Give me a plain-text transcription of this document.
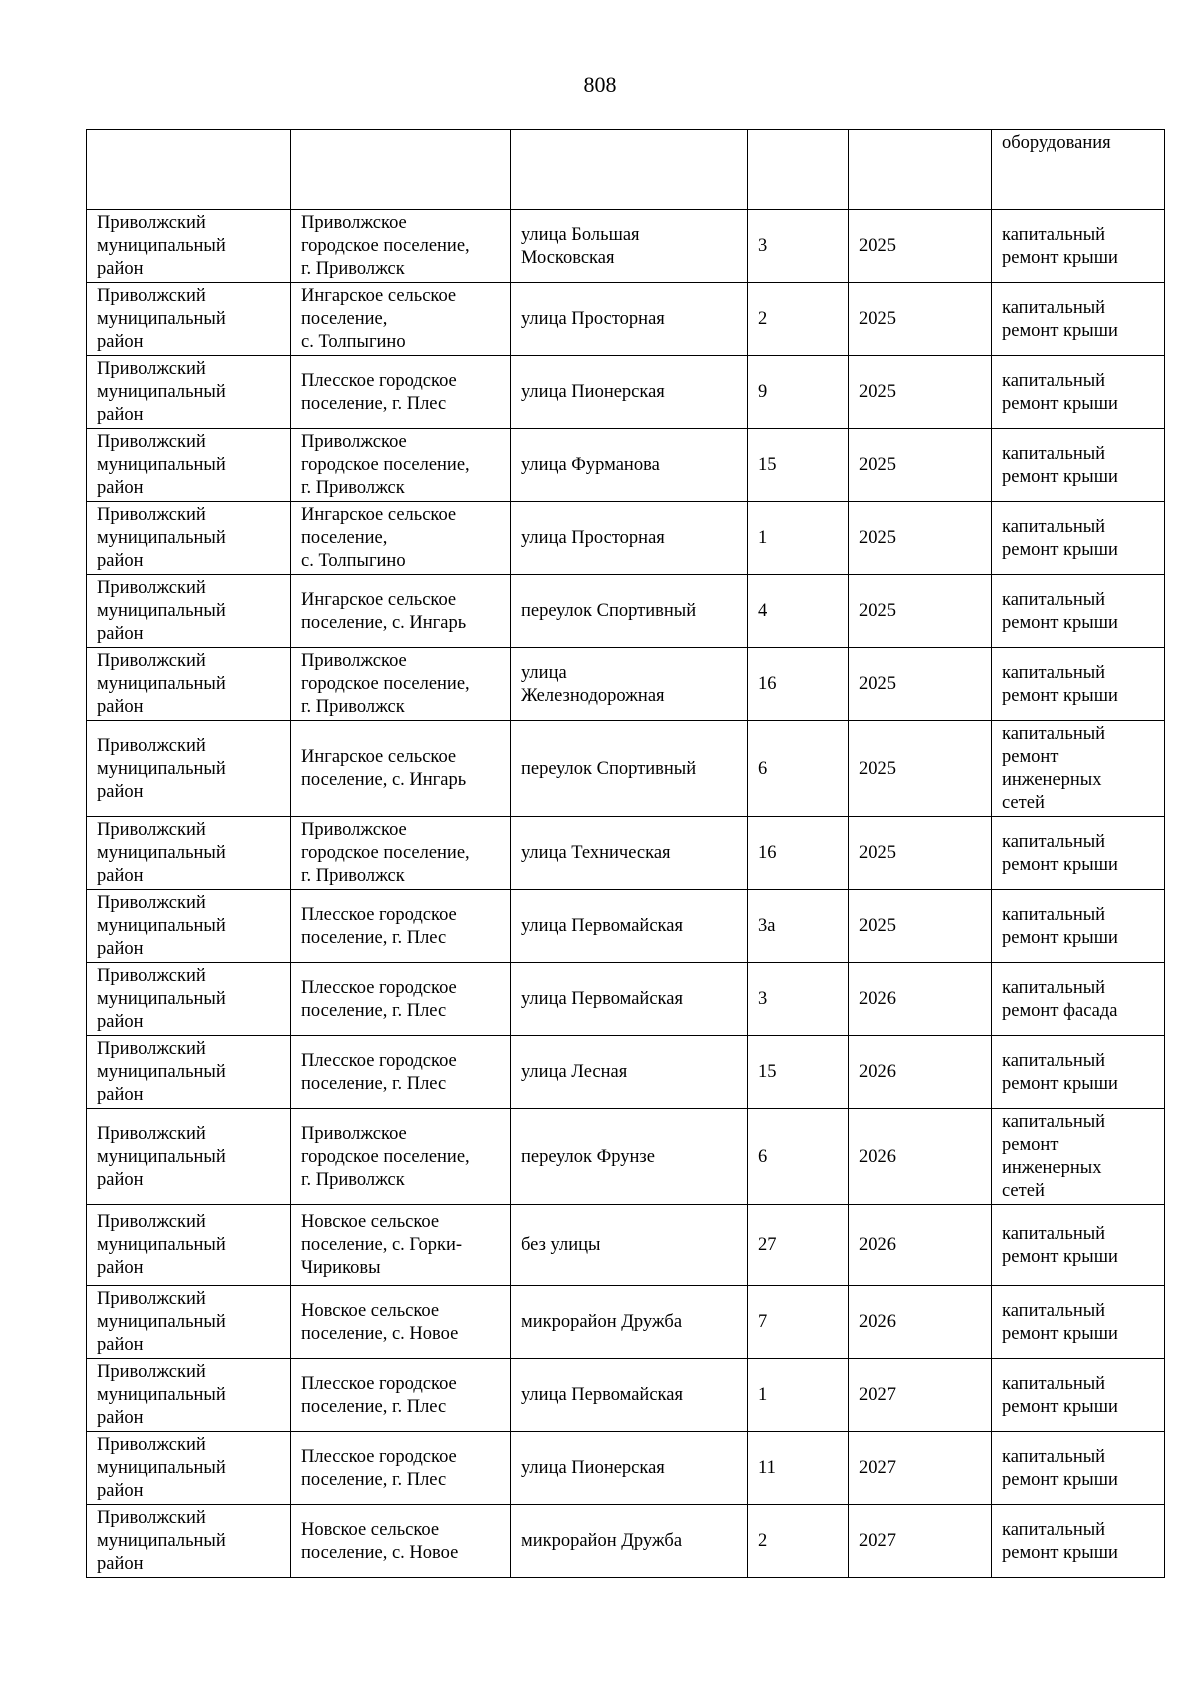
808

					оборудования

Приволжский
муниципальный
район	Приволжское
городское поселение,
г. Приволжск	улица Большая
Московская	3	2025	капитальный
ремонт крыши

Приволжский
муниципальный
район	Ингарское сельское
поселение,
с. Толпыгино	улица Просторная	2	2025	капитальный
ремонт крыши

Приволжский
муниципальный
район	Плесское городское
поселение, г. Плес	улица Пионерская	9	2025	капитальный
ремонт крыши

Приволжский
муниципальный
район	Приволжское
городское поселение,
г. Приволжск	улица Фурманова	15	2025	капитальный
ремонт крыши

Приволжский
муниципальный
район	Ингарское сельское
поселение,
с. Толпыгино	улица Просторная	1	2025	капитальный
ремонт крыши

Приволжский
муниципальный
район	Ингарское сельское
поселение, с. Ингарь	переулок Спортивный	4	2025	капитальный
ремонт крыши

Приволжский
муниципальный
район	Приволжское
городское поселение,
г. Приволжск	улица
Железнодорожная	16	2025	капитальный
ремонт крыши

Приволжский
муниципальный
район	Ингарское сельское
поселение, с. Ингарь	переулок Спортивный	6	2025	капитальный
ремонт
инженерных
сетей

Приволжский
муниципальный
район	Приволжское
городское поселение,
г. Приволжск	улица Техническая	16	2025	капитальный
ремонт крыши

Приволжский
муниципальный
район	Плесское городское
поселение, г. Плес	улица Первомайская	3а	2025	капитальный
ремонт крыши

Приволжский
муниципальный
район	Плесское городское
поселение, г. Плес	улица Первомайская	3	2026	капитальный
ремонт фасада

Приволжский
муниципальный
район	Плесское городское
поселение, г. Плес	улица Лесная	15	2026	капитальный
ремонт крыши

Приволжский
муниципальный
район	Приволжское
городское поселение,
г. Приволжск	переулок Фрунзе	6	2026	капитальный
ремонт
инженерных
сетей

Приволжский
муниципальный
район	Новское сельское
поселение, с. Горки-
Чириковы	без улицы	27	2026	капитальный
ремонт крыши

Приволжский
муниципальный
район	Новское сельское
поселение, с. Новое	микрорайон Дружба	7	2026	капитальный
ремонт крыши

Приволжский
муниципальный
район	Плесское городское
поселение, г. Плес	улица Первомайская	1	2027	капитальный
ремонт крыши

Приволжский
муниципальный
район	Плесское городское
поселение, г. Плес	улица Пионерская	11	2027	капитальный
ремонт крыши

Приволжский
муниципальный
район	Новское сельское
поселение, с. Новое	микрорайон Дружба	2	2027	капитальный
ремонт крыши
